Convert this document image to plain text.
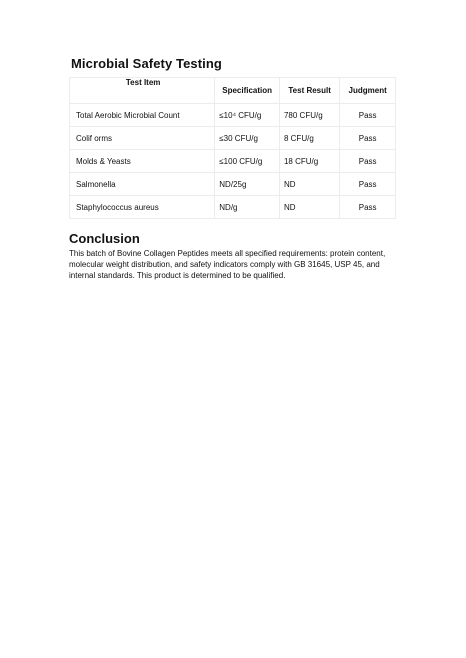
Microbial Safety Testing
Test Item	Specification	Test Result	Judgment
Total Aerobic Microbial Count	≤10⁴ CFU/g	780 CFU/g	Pass
Colif orms	≤30 CFU/g	8 CFU/g	Pass
Molds & Yeasts	≤100 CFU/g	18 CFU/g	Pass
Salmonella	ND/25g	ND	Pass
Staphylococcus aureus	ND/g	ND	Pass
Conclusion

This batch of Bovine Collagen Peptides meets all specified requirements: protein content, molecular weight distribution, and safety indicators comply with GB 31645, USP 45, and internal standards. This product is determined to be qualified.
